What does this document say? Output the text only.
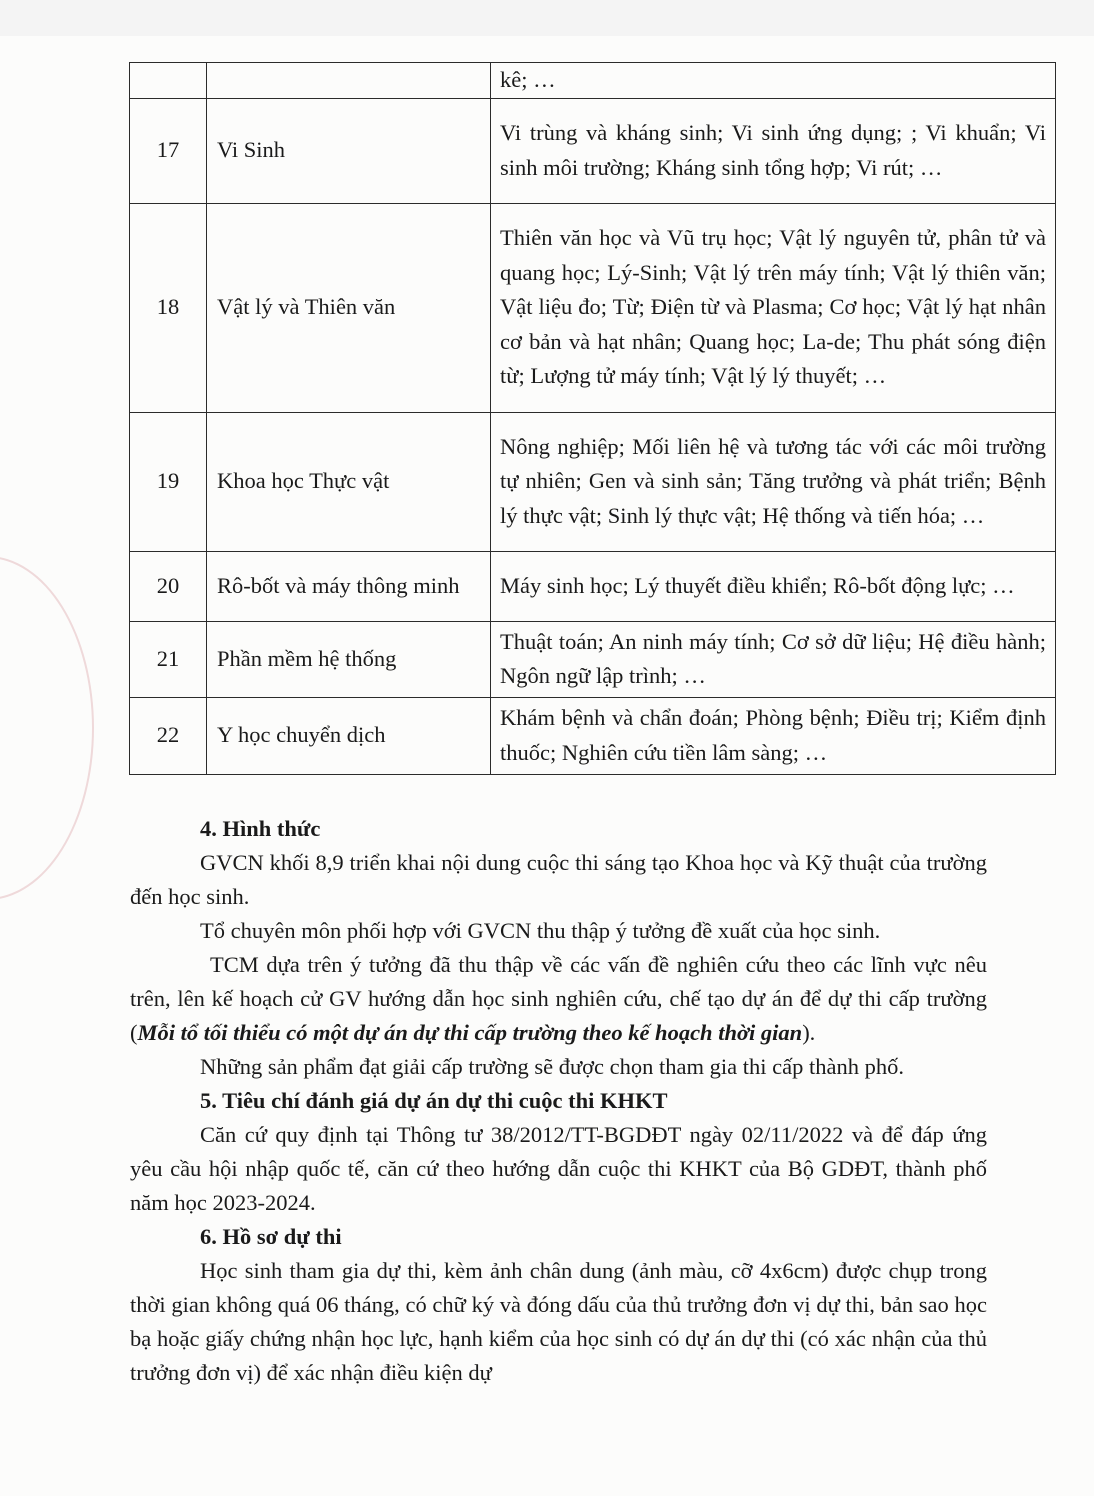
		kê; …
17	Vi Sinh	Vi trùng và kháng sinh; Vi sinh ứng dụng; ; Vi khuẩn; Vi sinh môi trường; Kháng sinh tổng hợp; Vi rút; …
18	Vật lý và Thiên văn	Thiên văn học và Vũ trụ học; Vật lý nguyên tử, phân tử và quang học; Lý-Sinh; Vật lý trên máy tính; Vật lý thiên văn; Vật liệu đo; Từ; Điện từ và Plasma; Cơ học; Vật lý hạt nhân cơ bản và hạt nhân; Quang học; La-de; Thu phát sóng điện từ; Lượng tử máy tính; Vật lý lý thuyết; …
19	Khoa học Thực vật	Nông nghiệp; Mối liên hệ và tương tác với các môi trường tự nhiên; Gen và sinh sản; Tăng trưởng và phát triển; Bệnh lý thực vật; Sinh lý thực vật; Hệ thống và tiến hóa; …
20	Rô-bốt và máy thông minh	Máy sinh học; Lý thuyết điều khiển; Rô-bốt động lực; …
21	Phần mềm hệ thống	Thuật toán; An ninh máy tính; Cơ sở dữ liệu; Hệ điều hành; Ngôn ngữ lập trình; …
22	Y học chuyển dịch	Khám bệnh và chẩn đoán; Phòng bệnh; Điều trị; Kiểm định thuốc; Nghiên cứu tiền lâm sàng; …

4. Hình thức

GVCN khối 8,9 triển khai nội dung cuộc thi sáng tạo Khoa học và Kỹ thuật của trường đến học sinh.

Tổ chuyên môn phối hợp với GVCN thu thập ý tưởng đề xuất của học sinh.

TCM dựa trên ý tưởng đã thu thập về các vấn đề nghiên cứu theo các lĩnh vực nêu trên, lên kế hoạch cử GV hướng dẫn học sinh nghiên cứu, chế tạo dự án để dự thi cấp trường (Mỗi tổ tối thiểu có một dự án dự thi cấp trường theo kế hoạch thời gian).

Những sản phẩm đạt giải cấp trường sẽ được chọn tham gia thi cấp thành phố.

5. Tiêu chí đánh giá dự án dự thi cuộc thi KHKT

Căn cứ quy định tại Thông tư 38/2012/TT-BGDĐT ngày 02/11/2022 và để đáp ứng yêu cầu hội nhập quốc tế, căn cứ theo hướng dẫn cuộc thi KHKT của Bộ GDĐT, thành phố năm học 2023-2024.

6. Hồ sơ dự thi

Học sinh tham gia dự thi, kèm ảnh chân dung (ảnh màu, cỡ 4x6cm) được chụp trong thời gian không quá 06 tháng, có chữ ký và đóng dấu của thủ trưởng đơn vị dự thi, bản sao học bạ hoặc giấy chứng nhận học lực, hạnh kiểm của học sinh có dự án dự thi (có xác nhận của thủ trưởng đơn vị) để xác nhận điều kiện dự
